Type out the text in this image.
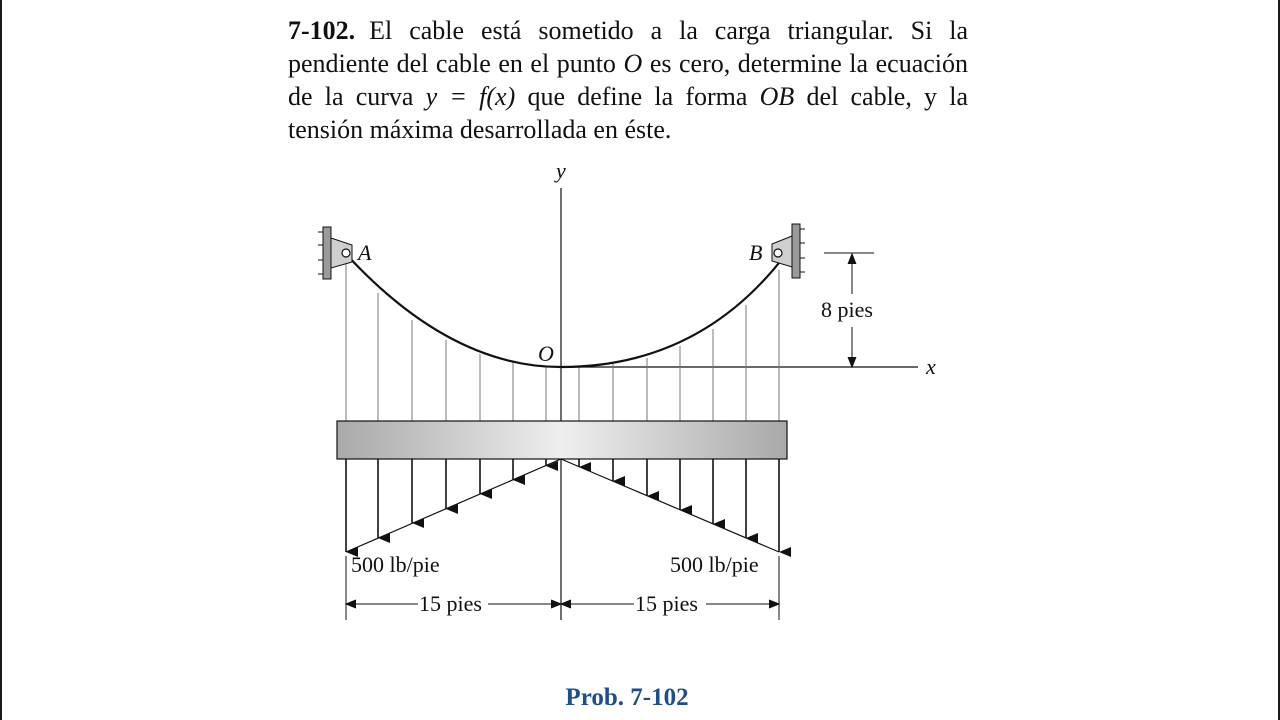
7-102. El cable está sometido a la carga triangular. Si la pendiente del cable en el punto O es cero, determine la ecuación de la curva y = f(x) que define la forma OB del cable, y la tensión máxima desarrollada en éste.
y
x
A	B
O
8 pies
500 lb/pie	500 lb/pie
15 pies	15 pies
Prob. 7-102
